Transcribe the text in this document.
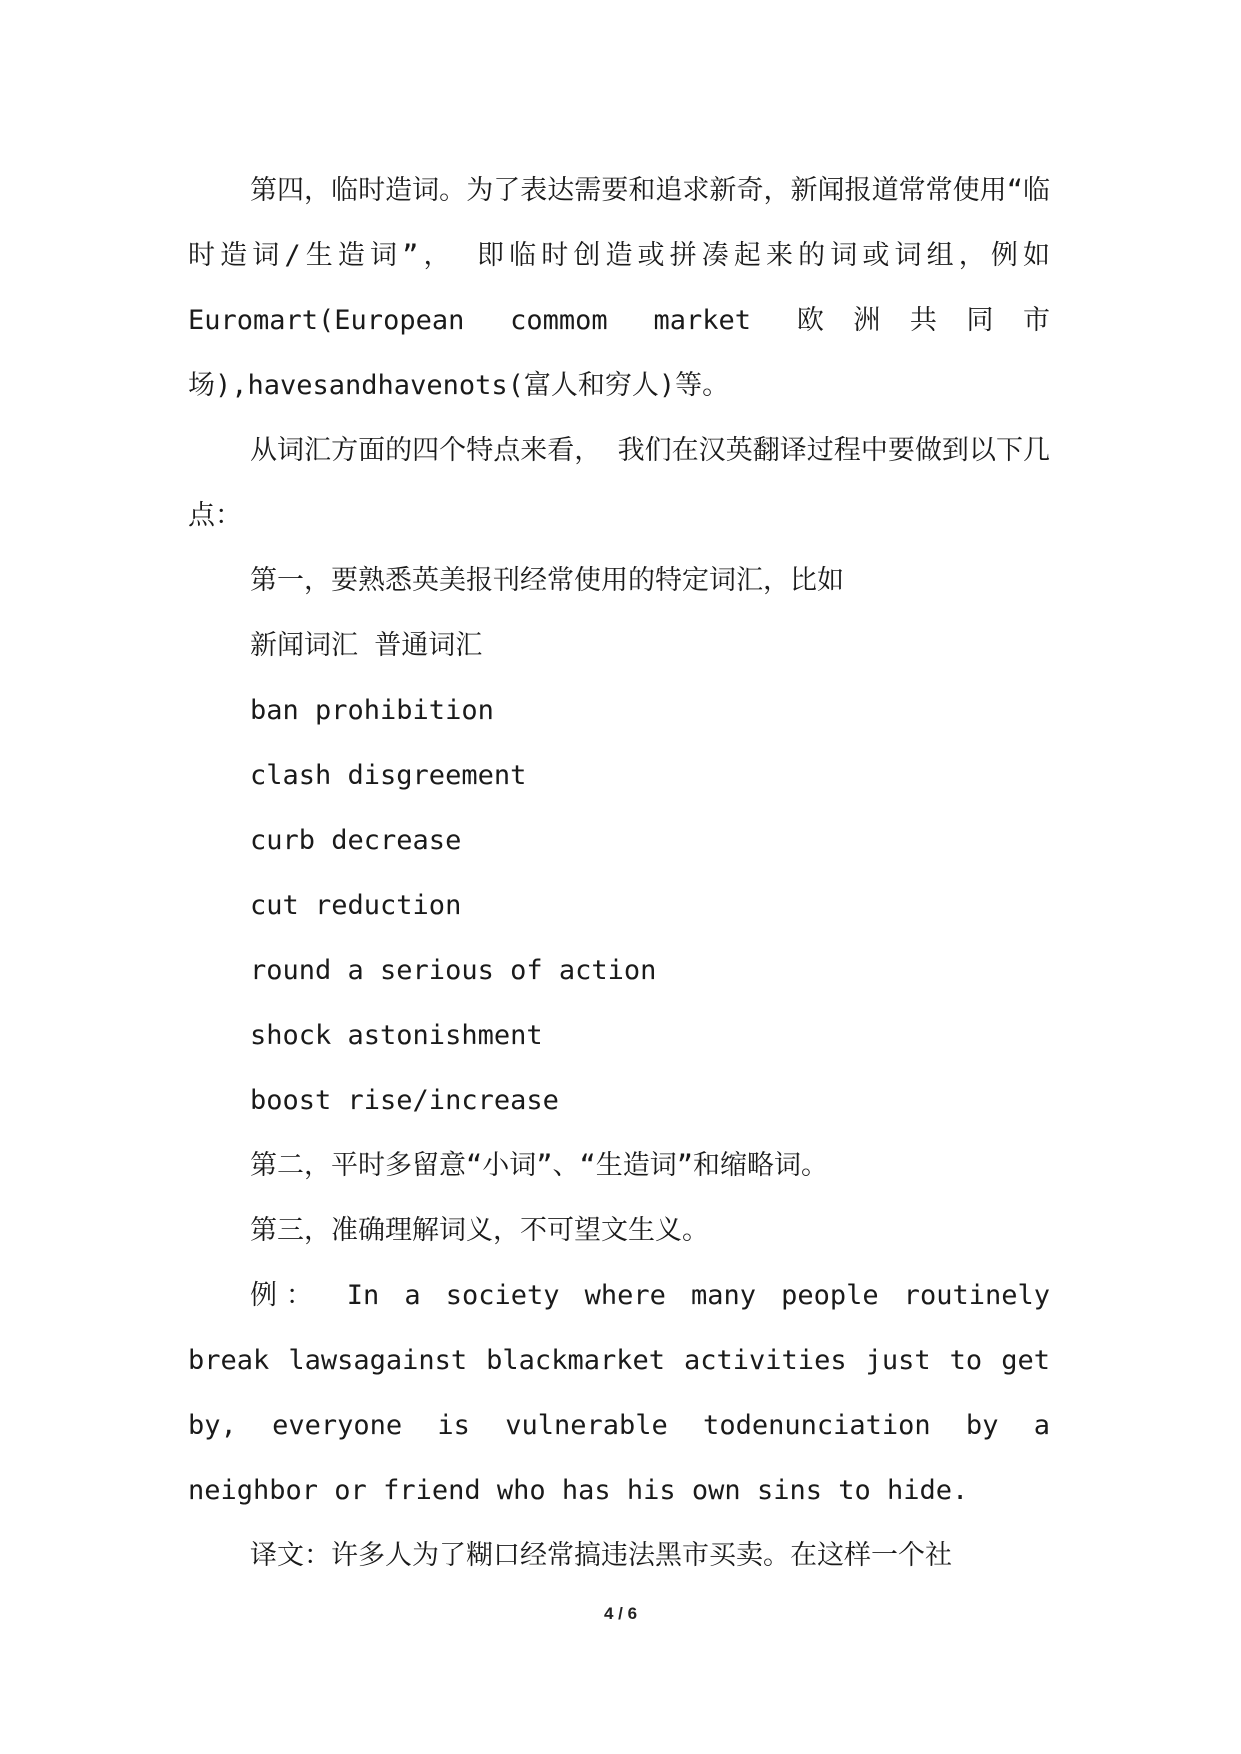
第四，临时造词。为了表达需要和追求新奇，新闻报道常常使用“临时造词/生造词”， 即临时创造或拼凑起来的词或词组，例如Euromart(European commom market 欧洲共同市场),havesandhavenots(富人和穷人)等。

从词汇方面的四个特点来看， 我们在汉英翻译过程中要做到以下几点：

第一，要熟悉英美报刊经常使用的特定词汇，比如

新闻词汇 普通词汇

ban prohibition

clash disgreement

curb decrease

cut reduction

round a serious of action

shock astonishment

boost rise/increase

第二，平时多留意“小词”、“生造词”和缩略词。

第三，准确理解词义，不可望文生义。

例： In a society where many people routinely break lawsagainst blackmarket activities just to get by, everyone is vulnerable todenunciation by a neighbor or friend who has his own sins to hide.

译文：许多人为了糊口经常搞违法黑市买卖。在这样一个社

4 / 6
